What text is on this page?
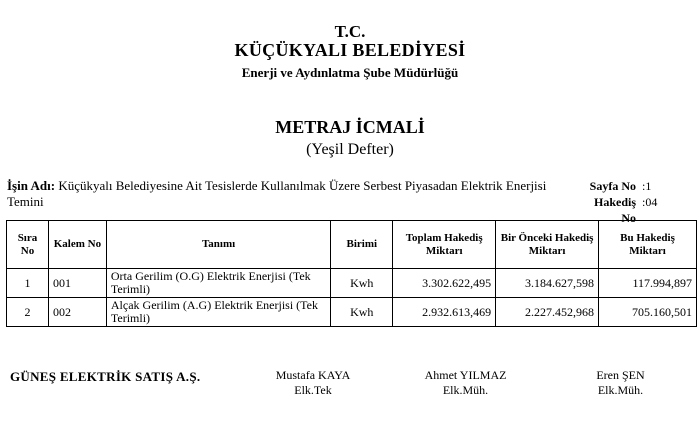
T.C.
KÜÇÜKYALI BELEDİYESİ
Enerji ve Aydınlatma Şube Müdürlüğü
METRAJ İCMALİ
(Yeşil Defter)
İşin Adı: Küçükyalı Belediyesine Ait Tesislerde Kullanılmak Üzere Serbest Piyasadan Elektrik Enerjisi Temini
Sayfa No :1
Hakediş No
:04
Sıra No	Kalem No	Tanımı	Birimi	Toplam Hakediş Miktarı	Bir Önceki Hakediş Miktarı	Bu Hakediş Miktarı
1	001	Orta Gerilim (O.G) Elektrik Enerjisi (Tek Terimli)	Kwh	3.302.622,495	3.184.627,598	117.994,897
2	002	Alçak Gerilim (A.G) Elektrik Enerjisi (Tek Terimli)	Kwh	2.932.613,469	2.227.452,968	705.160,501
GÜNEŞ ELEKTRİK SATIŞ A.Ş.	Mustafa KAYA
Elk.Tek
Ahmet YILMAZ
Elk.Müh.
Eren ŞEN
Elk.Müh.
